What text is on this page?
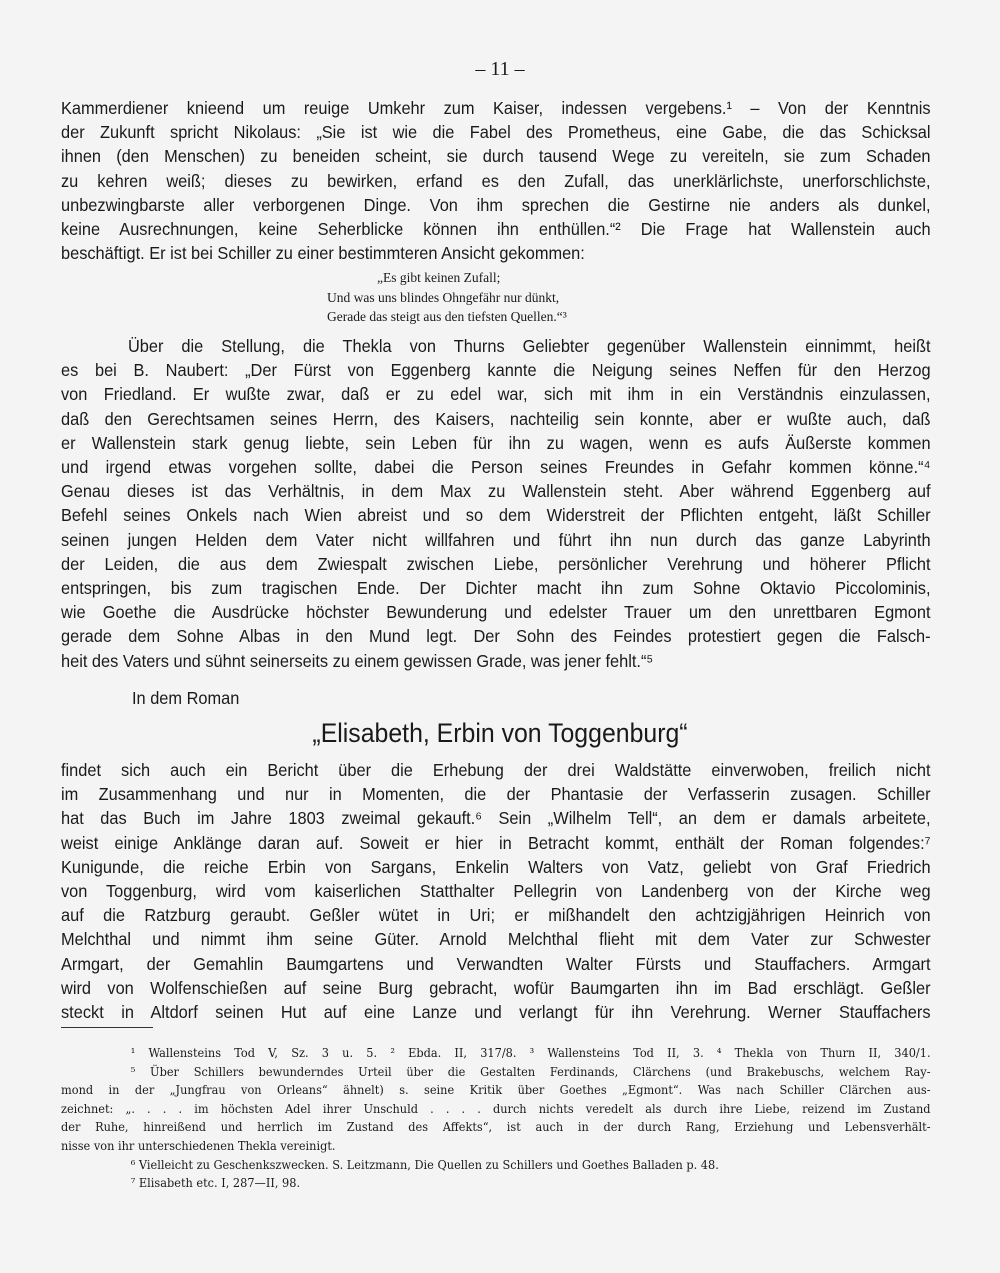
– 11 –
Kammerdiener knieend um reuige Umkehr zum Kaiser, indessen vergebens.¹ – Von der Kenntnis
der Zukunft spricht Nikolaus: „Sie ist wie die Fabel des Prometheus, eine Gabe, die das Schicksal
ihnen (den Menschen) zu beneiden scheint, sie durch tausend Wege zu vereiteln, sie zum Schaden
zu kehren weiß; dieses zu bewirken, erfand es den Zufall, das unerklärlichste, unerforschlichste,
unbezwingbarste aller verborgenen Dinge. Von ihm sprechen die Gestirne nie anders als dunkel,
keine Ausrechnungen, keine Seherblicke können ihn enthüllen.“² Die Frage hat Wallenstein auch
beschäftigt. Er ist bei Schiller zu einer bestimmteren Ansicht gekommen:
„Es gibt keinen Zufall;
Und was uns blindes Ohngefähr nur dünkt,
Gerade das steigt aus den tiefsten Quellen.“³
Über die Stellung, die Thekla von Thurns Geliebter gegenüber Wallenstein einnimmt, heißt
es bei B. Naubert: „Der Fürst von Eggenberg kannte die Neigung seines Neffen für den Herzog
von Friedland. Er wußte zwar, daß er zu edel war, sich mit ihm in ein Verständnis einzulassen,
daß den Gerechtsamen seines Herrn, des Kaisers, nachteilig sein konnte, aber er wußte auch, daß
er Wallenstein stark genug liebte, sein Leben für ihn zu wagen, wenn es aufs Äußerste kommen
und irgend etwas vorgehen sollte, dabei die Person seines Freundes in Gefahr kommen könne.“⁴
Genau dieses ist das Verhältnis, in dem Max zu Wallenstein steht. Aber während Eggenberg auf
Befehl seines Onkels nach Wien abreist und so dem Widerstreit der Pflichten entgeht, läßt Schiller
seinen jungen Helden dem Vater nicht willfahren und führt ihn nun durch das ganze Labyrinth
der Leiden, die aus dem Zwiespalt zwischen Liebe, persönlicher Verehrung und höherer Pflicht
entspringen, bis zum tragischen Ende. Der Dichter macht ihn zum Sohne Oktavio Piccolominis,
wie Goethe die Ausdrücke höchster Bewunderung und edelster Trauer um den unrettbaren Egmont
gerade dem Sohne Albas in den Mund legt. Der Sohn des Feindes protestiert gegen die Falsch-
heit des Vaters und sühnt seinerseits zu einem gewissen Grade, was jener fehlt.“⁵
In dem Roman
„Elisabeth, Erbin von Toggenburg“
findet sich auch ein Bericht über die Erhebung der drei Waldstätte einverwoben, freilich nicht
im Zusammenhang und nur in Momenten, die der Phantasie der Verfasserin zusagen. Schiller
hat das Buch im Jahre 1803 zweimal gekauft.⁶ Sein „Wilhelm Tell“, an dem er damals arbeitete,
weist einige Anklänge daran auf. Soweit er hier in Betracht kommt, enthält der Roman folgendes:⁷
Kunigunde, die reiche Erbin von Sargans, Enkelin Walters von Vatz, geliebt von Graf Friedrich
von Toggenburg, wird vom kaiserlichen Statthalter Pellegrin von Landenberg von der Kirche weg
auf die Ratzburg geraubt. Geßler wütet in Uri; er mißhandelt den achtzigjährigen Heinrich von
Melchthal und nimmt ihm seine Güter. Arnold Melchthal flieht mit dem Vater zur Schwester
Armgart, der Gemahlin Baumgartens und Verwandten Walter Fürsts und Stauffachers. Armgart
wird von Wolfenschießen auf seine Burg gebracht, wofür Baumgarten ihn im Bad erschlägt. Geßler
steckt in Altdorf seinen Hut auf eine Lanze und verlangt für ihn Verehrung. Werner Stauffachers
¹ Wallensteins Tod V, Sz. 3 u. 5. ² Ebda. II, 317/8. ³ Wallensteins Tod II, 3. ⁴ Thekla von Thurn II, 340/1.
⁵ Über Schillers bewunderndes Urteil über die Gestalten Ferdinands, Clärchens (und Brakebuschs, welchem Ray-
mond in der „Jungfrau von Orleans“ ähnelt) s. seine Kritik über Goethes „Egmont“. Was nach Schiller Clärchen aus-
zeichnet: „. . . . im höchsten Adel ihrer Unschuld . . . . durch nichts veredelt als durch ihre Liebe, reizend im Zustand
der Ruhe, hinreißend und herrlich im Zustand des Affekts“, ist auch in der durch Rang, Erziehung und Lebensverhält-
nisse von ihr unterschiedenen Thekla vereinigt.
⁶ Vielleicht zu Geschenkszwecken. S. Leitzmann, Die Quellen zu Schillers und Goethes Balladen p. 48.
⁷ Elisabeth etc. I, 287—II, 98.
